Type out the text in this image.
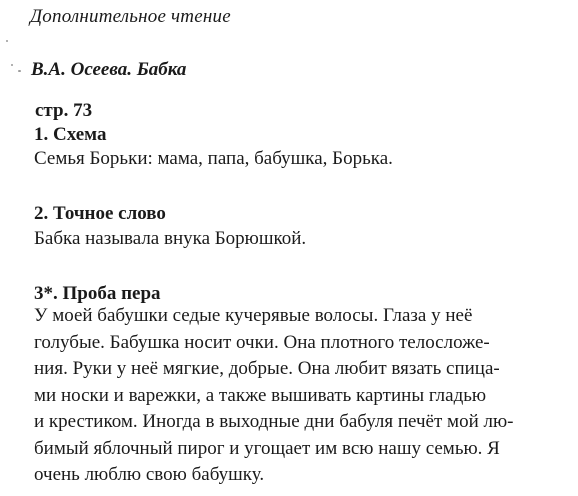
Дополнительное чтение
В.А. Осеева. Бабка
стр. 73
1. Схема
Семья Борьки: мама, папа, бабушка, Борька.
2. Точное слово
Бабка называла внука Борюшкой.
3*. Проба пера
У моей бабушки седые кучерявые волосы. Глаза у неё
голубые. Бабушка носит очки. Она плотного телосложе-
ния. Руки у неё мягкие, добрые. Она любит вязать спица-
ми носки и варежки, а также вышивать картины гладью
и крестиком. Иногда в выходные дни бабуля печёт мой лю-
бимый яблочный пирог и угощает им всю нашу семью. Я
очень люблю свою бабушку.
